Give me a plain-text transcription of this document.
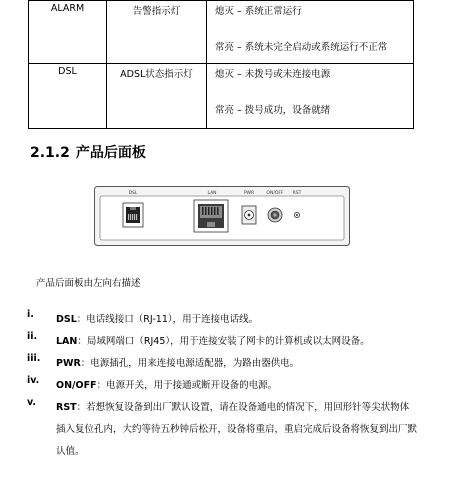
ALARM	告警指示灯	熄灭 – 系统正常运行
常亮 – 系统未完全启动或系统运行不正常

DSL	ADSL状态指示灯	熄灭 – 未拨号或未连接电源
常亮 – 拨号成功，设备就绪
2.1.2 产品后面板
DSL	LAN	PWR	ON/OFF RST
产品后面板由左向右描述
i. DSL：电话线接口（RJ-11），用于连接电话线。
ii. LAN：局域网端口（RJ45），用于连接安装了网卡的计算机或以太网设备。
iii. PWR：电源插孔，用来连接电源适配器，为路由器供电。
iv. ON/OFF：电源开关，用于接通或断开设备的电源。
v. RST：若想恢复设备到出厂默认设置，请在设备通电的情况下，用回形针等尖状物体
插入复位孔内，大约等待五秒钟后松开，设备将重启，重启完成后设备将恢复到出厂默
认值。
